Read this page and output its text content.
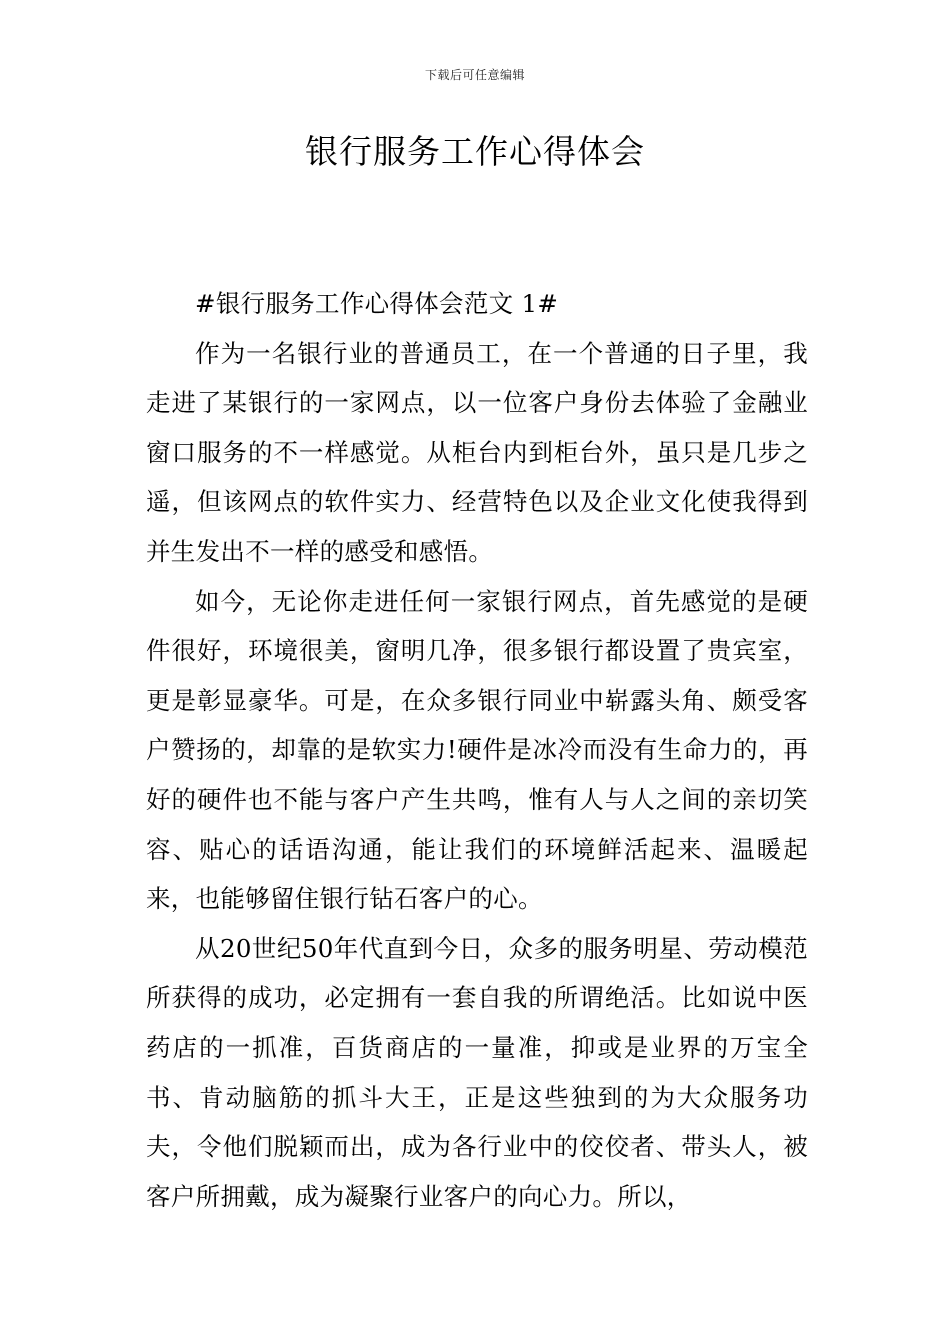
下载后可任意编辑
银行服务工作心得体会

#银行服务工作心得体会范文 1#

作为一名银行业的普通员工，在一个普通的日子里，我走进了某银行的一家网点，以一位客户身份去体验了金融业窗口服务的不一样感觉。从柜台内到柜台外，虽只是几步之遥，但该网点的软件实力、经营特色以及企业文化使我得到并生发出不一样的感受和感悟。

如今，无论你走进任何一家银行网点，首先感觉的是硬件很好，环境很美，窗明几净，很多银行都设置了贵宾室，更是彰显豪华。可是，在众多银行同业中崭露头角、颇受客户赞扬的，却靠的是软实力!硬件是冰冷而没有生命力的，再好的硬件也不能与客户产生共鸣，惟有人与人之间的亲切笑容、贴心的话语沟通，能让我们的环境鲜活起来、温暖起来，也能够留住银行钻石客户的心。

从20世纪50年代直到今日，众多的服务明星、劳动模范所获得的成功，必定拥有一套自我的所谓绝活。比如说中医药店的一抓准，百货商店的一量准，抑或是业界的万宝全书、肯动脑筋的抓斗大王，正是这些独到的为大众服务功夫，令他们脱颖而出，成为各行业中的佼佼者、带头人，被客户所拥戴，成为凝聚行业客户的向心力。所以，
